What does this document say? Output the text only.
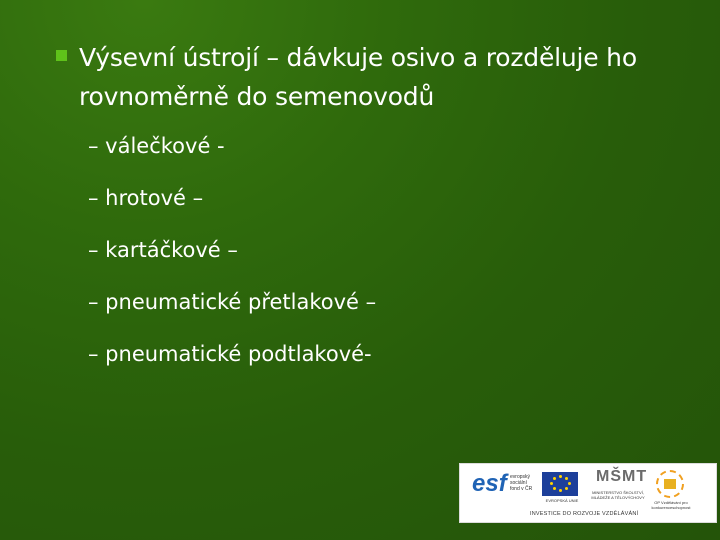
Výsevní ústrojí – dávkuje osivo a rozděluje ho rovnoměrně do semenovodů
– válečkové -
– hrotové –
– kartáčkové –
– pneumatické přetlakové –
– pneumatické podtlakové-
esf evropský sociální fond v ČR
EVROPSKÁ UNIE
MŠMT
MINISTERSTVO ŠKOLSTVÍ, MLÁDEŽE A TĚLOVÝCHOVY
OP Vzdělávání pro konkurenceschopnost
INVESTICE DO ROZVOJE VZDĚLÁVÁNÍ
